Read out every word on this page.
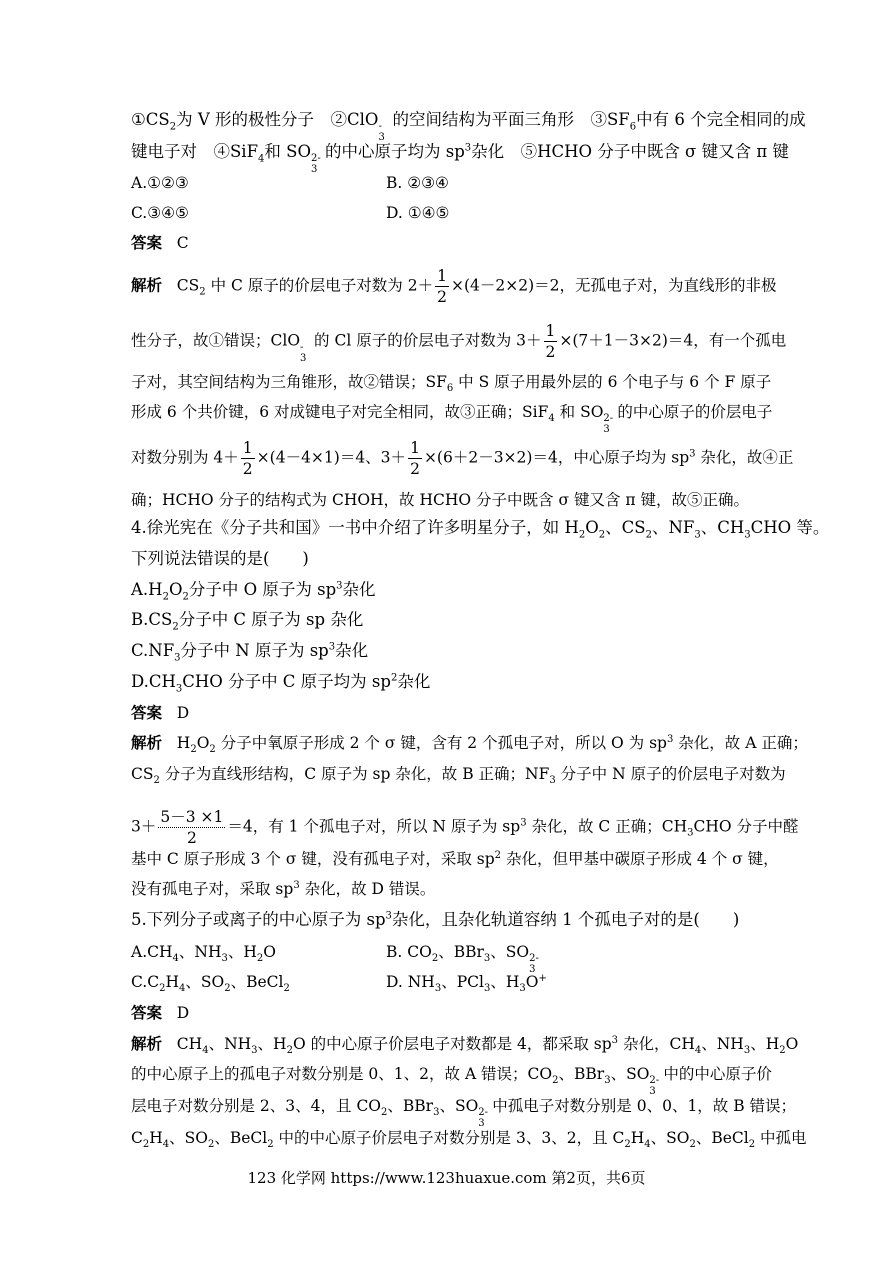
$①CS_2$为 V 形的极性分子　②ClO -
3
的空间结构为平面三角形　$③SF_6$中有 6 个完全相同的成
键电子对　④SiF$_4$和 SO 2-
3
的中心原子均为 $sp^3$杂化　⑤HCHO 分子中既含 σ 键又含 π 键
A.①②③	B. ②③④
C.③④⑤	D. ①④⑤
答案 C
解析 $CS_2$ 中 C 原子的价层电子对数为 $2+ \frac{1}{2} \times(4-2\times 2)=2$，无孤电子对，为直线形的非极
性分子，故①错误；ClO -
3
的 Cl 原子的价层电子对数为 $3+ \frac{1}{2} \times(7+1-3\times 2)=4$，有一个孤电
子对，其空间结构为三角锥形，故②错误；$SF_6$ 中 S 原子用最外层的 6 个电子与 6 个 F 原子
形成 6 个共价键，6 对成键电子对完全相同，故③正确；SiF$_4$ 和 SO 2-
3
的中心原子的价层电子
对数分别为 $4+ \frac{1}{2} \times(4-4\times 1)=4$、$3+ \frac{1}{2} \times(6+2-3\times 2)=4$，中心原子均为 $sp^3$ 杂化，故④正
确；HCHO 分子的结构式为 CHOH，故 HCHO 分子中既含 σ 键又含 π 键，故⑤正确。
4.徐光宪在《分子共和国》一书中介绍了许多明星分子，如 $H_2O_2$、$CS_2$、$NF_3$、$CH_3CHO$ 等。
下列说法错误的是(　　)
$A.H_2O_2$分子中 O 原子为 $sp^3$杂化
$B.CS_2$分子中 C 原子为 sp 杂化
$C.NF_3$分子中 N 原子为 $sp^3$杂化
$D.CH_3CHO$ 分子中 C 原子均为 $sp^2$杂化
答案 D
解析 $H_2O_2$ 分子中氧原子形成 2 个 σ 键，含有 2 个孤电子对，所以 O 为 $sp^3$ 杂化，故 A 正确；
$CS_2$ 分子为直线形结构，C 原子为 sp 杂化，故 B 正确；$NF_3$ 分子中 N 原子的价层电子对数为
$3+ \frac{5-3 \times 1}{2} =4$，有 1 个孤电子对，所以 N 原子为 $sp^3$ 杂化，故 C 正确；$CH_3CHO$ 分子中醛
基中 C 原子形成 3 个 σ 键，没有孤电子对，采取 $sp^2$ 杂化，但甲基中碳原子形成 4 个 σ 键，
没有孤电子对，采取 $sp^3$ 杂化，故 D 错误。
5.下列分子或离子的中心原子为 $sp^3$杂化，且杂化轨道容纳 1 个孤电子对的是(　　)
$A.CH_4$、$NH_3$、$H_2O$	B. $CO_2$、BBr$_3$、SO 2-
3
$C.C_2H_4$、$SO_2$、BeCl$_2$	D. $NH_3$、PCl$_3$、$H_3O^+$
答案 D
解析 $CH_4$、$NH_3$、$H_2O$ 的中心原子价层电子对数都是 4，都采取 $sp^3$ 杂化，$CH_4$、$NH_3$、$H_2O$
的中心原子上的孤电子对数分别是 0、1、2，故 A 错误；$CO_2$、BBr$_3$、SO 2-
3
中的中心原子价
层电子对数分别是 2、3、4，且 $CO_2$、BBr$_3$、SO 2-
3
中孤电子对数分别是 0、0、1，故 B 错误；
$C_2H_4$、$SO_2$、BeCl$_2$ 中的中心原子价层电子对数分别是 3、3、2，且 $C_2H_4$、$SO_2$、BeCl$_2$ 中孤电
123 化学网 https://www.123huaxue.com 第2页，共6页
